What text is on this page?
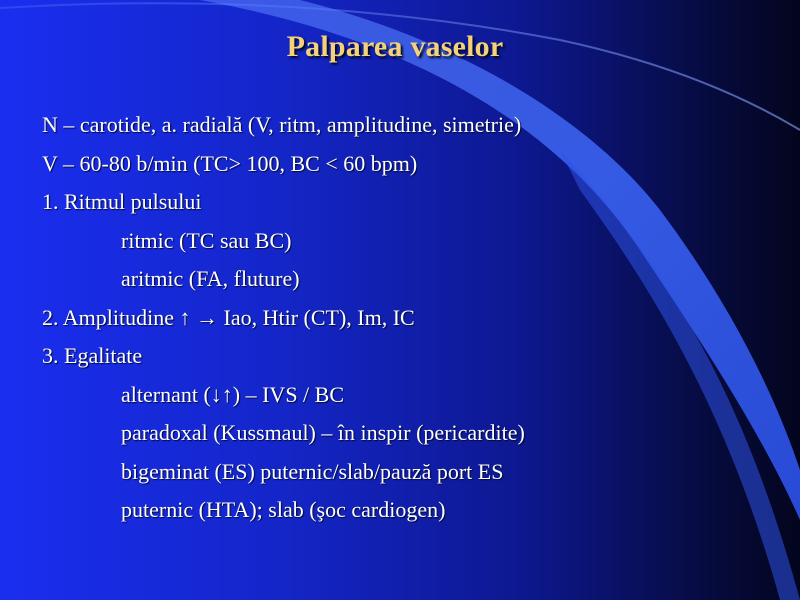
Palparea vaselor
N – carotide, a. radială (V, ritm, amplitudine, simetrie)
V – 60-80 b/min (TC> 100, BC < 60 bpm)
1. Ritmul pulsului
ritmic (TC sau BC)
aritmic (FA, fluture)
2. Amplitudine ↑ → Iao, Htir (CT), Im, IC
3. Egalitate
alternant (↓↑) – IVS / BC
paradoxal (Kussmaul) – în inspir (pericardite)
bigeminat (ES) puternic/slab/pauză port ES
puternic (HTA); slab (şoc cardiogen)
